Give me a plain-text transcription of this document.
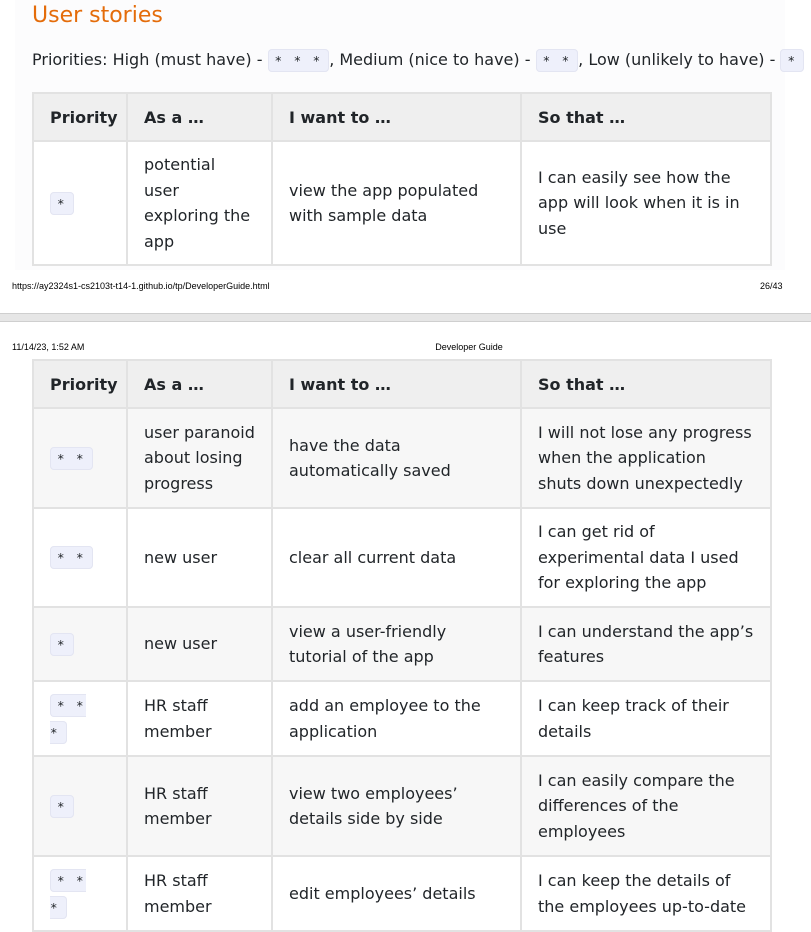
User stories
Priorities: High (must have) - * * * , Medium (nice to have) - * * , Low (unlikely to have) - *
Priority	As a …	I want to …	So that …
*	potential user exploring the app	view the app populated with sample data	I can easily see how the app will look when it is in use
https://ay2324s1-cs2103t-t14-1.github.io/tp/DeveloperGuide.html	26/43
11/14/23, 1:52 AM	Developer Guide
Priority	As a …	I want to …	So that …
* *	user paranoid about losing progress	have the data automatically saved	I will not lose any progress when the application shuts down unexpectedly
* *	new user	clear all current data	I can get rid of experimental data I used for exploring the app
*	new user	view a user-friendly tutorial of the app	I can understand the app’s features
* * *	HR staff member	add an employee to the application	I can keep track of their details
*	HR staff member	view two employees’ details side by side	I can easily compare the differences of the employees
* * *	HR staff member	edit employees’ details	I can keep the details of the employees up-to-date
